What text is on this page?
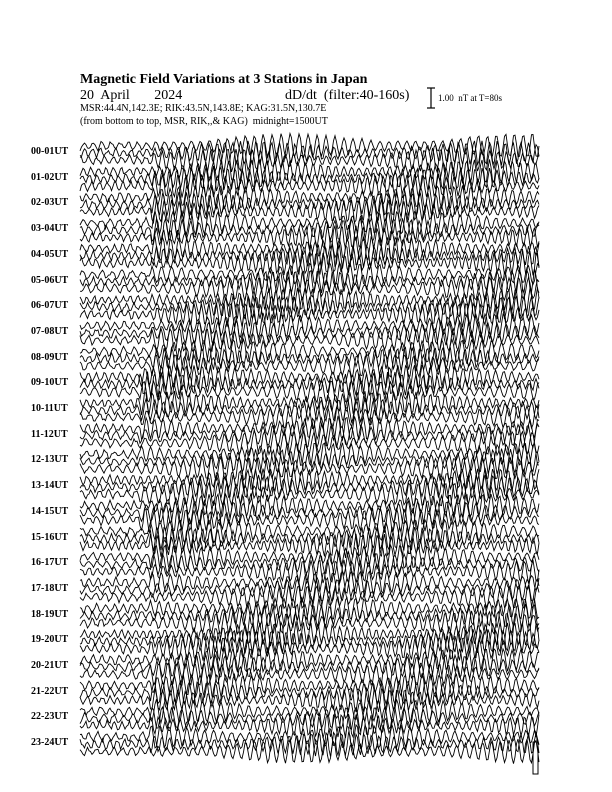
Magnetic Field Variations at 3 Stations in Japan
20  April       2024	dD/dt  (filter:40-160s)
MSR:44.4N,142.3E; RIK:43.5N,143.8E; KAG:31.5N,130.7E
(from bottom to top, MSR, RIK,,& KAG)  midnight=1500UT
1.00  nT at T=80s
00-01UT
01-02UT
02-03UT
03-04UT
04-05UT
05-06UT
06-07UT
07-08UT
08-09UT
09-10UT
10-11UT
11-12UT
12-13UT
13-14UT
14-15UT
15-16UT
16-17UT
17-18UT
18-19UT
19-20UT
20-21UT
21-22UT
22-23UT
23-24UT
